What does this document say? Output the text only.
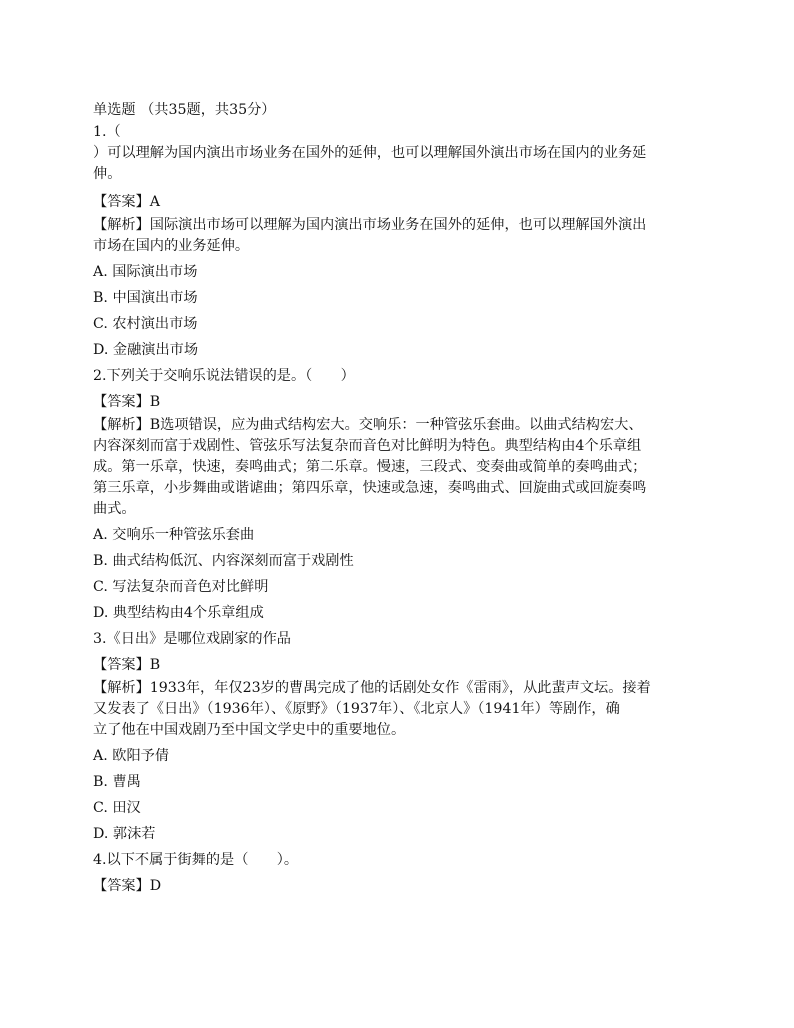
单选题 （共35题，共35分）
1.（
）可以理解为国内演出市场业务在国外的延伸，也可以理解国外演出市场在国内的业务延
伸。
【答案】A
【解析】国际演出市场可以理解为国内演出市场业务在国外的延伸，也可以理解国外演出
市场在国内的业务延伸。
A. 国际演出市场
B. 中国演出市场
C. 农村演出市场
D. 金融演出市场
2.下列关于交响乐说法错误的是。（　　）
【答案】B
【解析】B选项错误，应为曲式结构宏大。交响乐：一种管弦乐套曲。以曲式结构宏大、
内容深刻而富于戏剧性、管弦乐写法复杂而音色对比鲜明为特色。典型结构由4个乐章组
成。第一乐章，快速，奏鸣曲式；第二乐章。慢速，三段式、变奏曲或简单的奏鸣曲式；
第三乐章，小步舞曲或谐谑曲；第四乐章，快速或急速，奏鸣曲式、回旋曲式或回旋奏鸣
曲式。
A. 交响乐一种管弦乐套曲
B. 曲式结构低沉、内容深刻而富于戏剧性
C. 写法复杂而音色对比鲜明
D. 典型结构由4个乐章组成
3.《日出》是哪位戏剧家的作品
【答案】B
【解析】1933年，年仅23岁的曹禺完成了他的话剧处女作《雷雨》，从此蜚声文坛。接着
又发表了《日出》（1936年）、《原野》（1937年）、《北京人》（1941年）等剧作，确
立了他在中国戏剧乃至中国文学史中的重要地位。
A. 欧阳予倩
B. 曹禺
C. 田汉
D. 郭沫若
4.以下不属于街舞的是（　　）。
【答案】D
